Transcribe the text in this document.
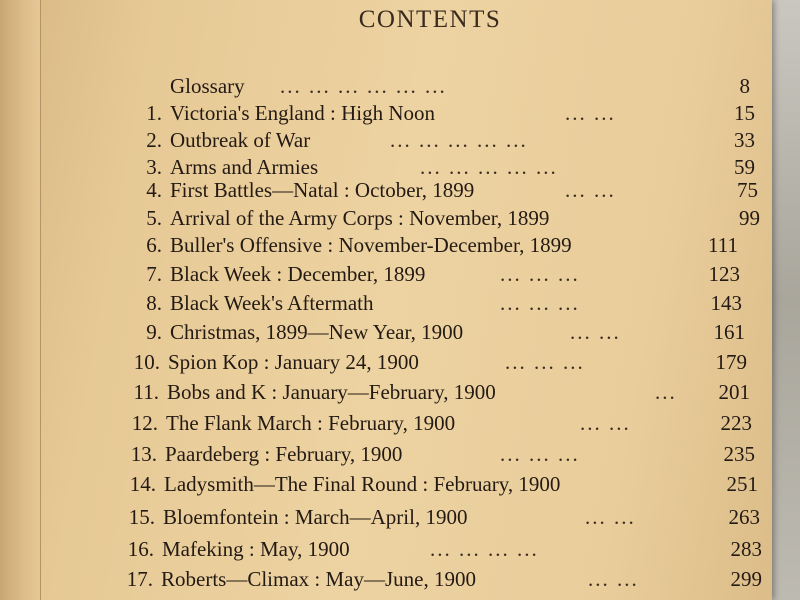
CONTENTS
Glossary ... ... ... ... ... ...	8
1. Victoria's England : High Noon	... ...	15
2. Outbreak of War	... ... ... ... ...	33
3. Arms and Armies	... ... ... ... ...	59
4. First Battles—Natal : October, 1899	... ...	75
5. Arrival of the Army Corps : November, 1899	99
6. Buller's Offensive : November-December, 1899	111
7. Black Week : December, 1899	... ... ...	123
8. Black Week's Aftermath	... ... ...	143
9. Christmas, 1899—New Year, 1900	... ...	161
10. Spion Kop : January 24, 1900	... ... ...	179
11. Bobs and K : January—February, 1900	...	201
12. The Flank March : February, 1900	... ...	223
13. Paardeberg : February, 1900	... ... ...	235
14. Ladysmith—The Final Round : February, 1900	251
15. Bloemfontein : March—April, 1900	... ...	263
16. Mafeking : May, 1900	... ... ... ...	283
17. Roberts—Climax : May—June, 1900	... ...	299
